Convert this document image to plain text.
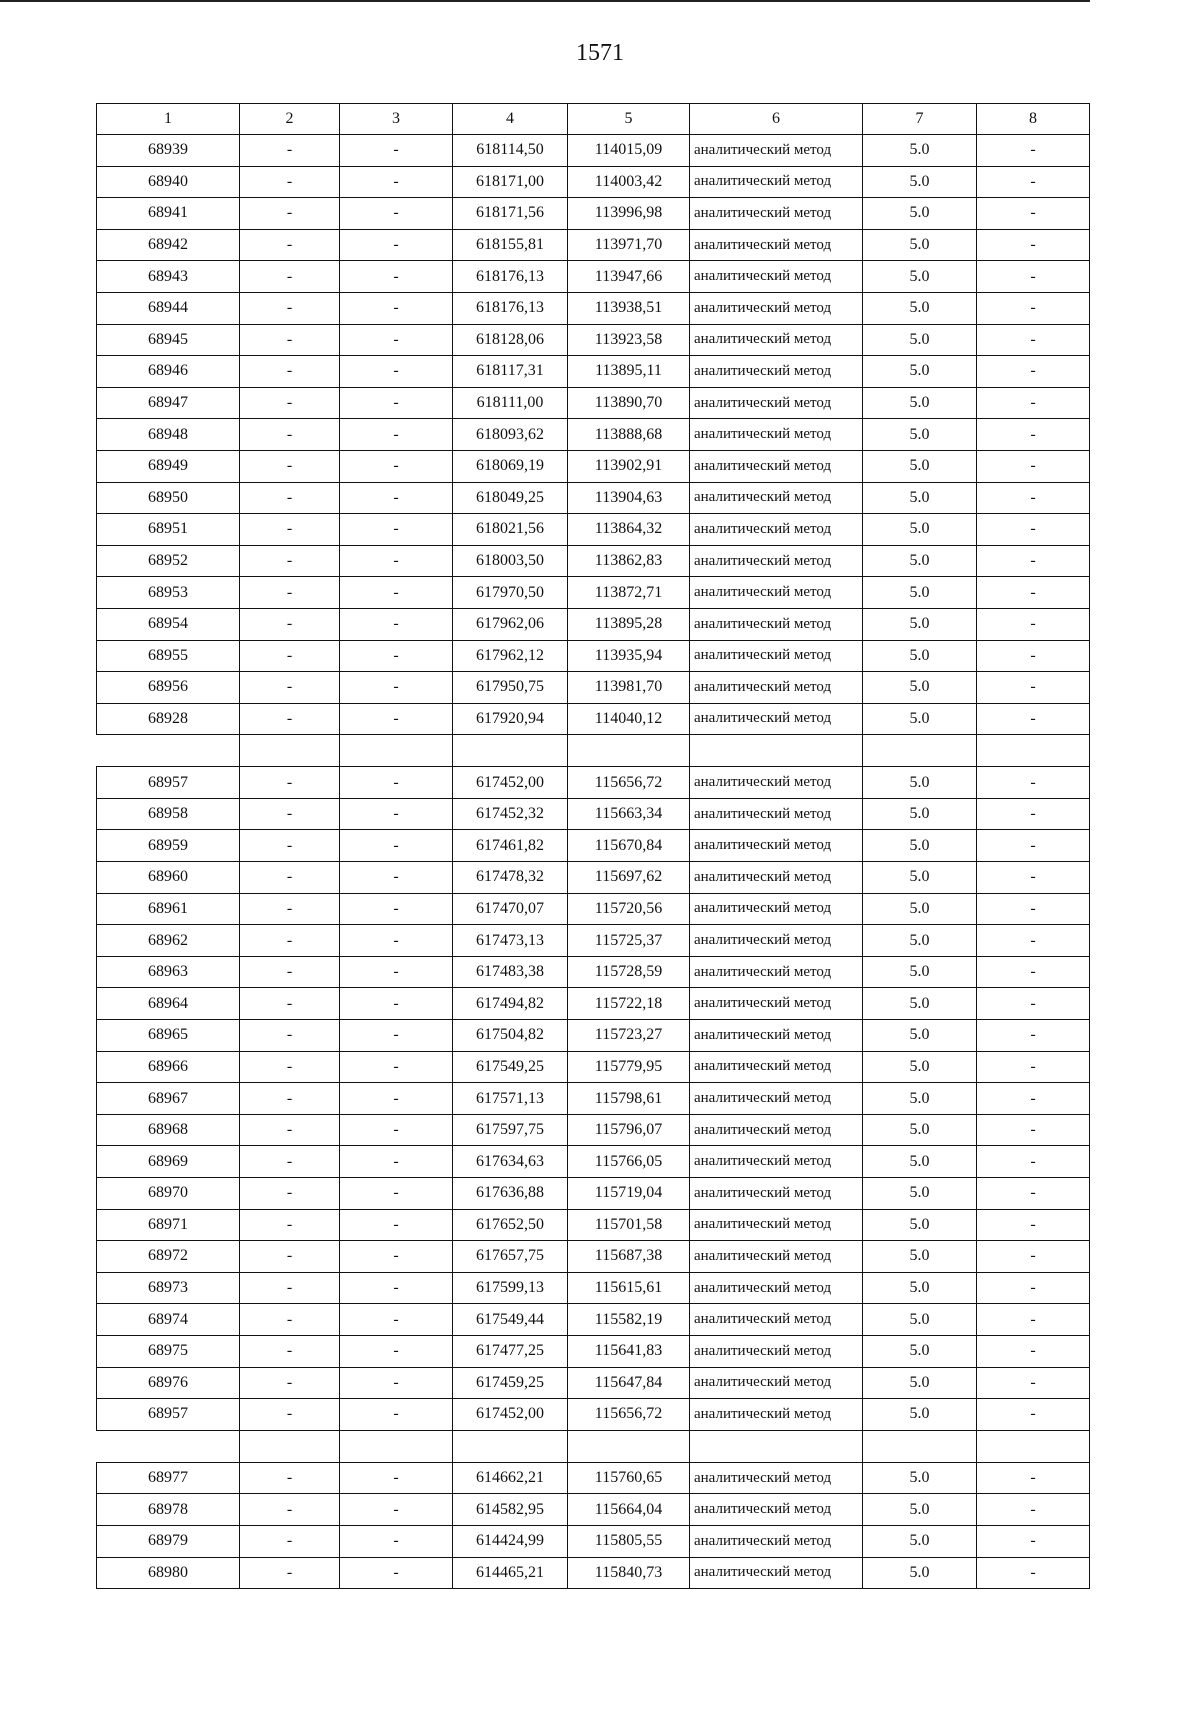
1571
1	2	3	4	5	6	7	8
68939	-	-	618114,50	114015,09	аналитический метод	5.0	-
68940	-	-	618171,00	114003,42	аналитический метод	5.0	-
68941	-	-	618171,56	113996,98	аналитический метод	5.0	-
68942	-	-	618155,81	113971,70	аналитический метод	5.0	-
68943	-	-	618176,13	113947,66	аналитический метод	5.0	-
68944	-	-	618176,13	113938,51	аналитический метод	5.0	-
68945	-	-	618128,06	113923,58	аналитический метод	5.0	-
68946	-	-	618117,31	113895,11	аналитический метод	5.0	-
68947	-	-	618111,00	113890,70	аналитический метод	5.0	-
68948	-	-	618093,62	113888,68	аналитический метод	5.0	-
68949	-	-	618069,19	113902,91	аналитический метод	5.0	-
68950	-	-	618049,25	113904,63	аналитический метод	5.0	-
68951	-	-	618021,56	113864,32	аналитический метод	5.0	-
68952	-	-	618003,50	113862,83	аналитический метод	5.0	-
68953	-	-	617970,50	113872,71	аналитический метод	5.0	-
68954	-	-	617962,06	113895,28	аналитический метод	5.0	-
68955	-	-	617962,12	113935,94	аналитический метод	5.0	-
68956	-	-	617950,75	113981,70	аналитический метод	5.0	-
68928	-	-	617920,94	114040,12	аналитический метод	5.0	-

68957	-	-	617452,00	115656,72	аналитический метод	5.0	-
68958	-	-	617452,32	115663,34	аналитический метод	5.0	-
68959	-	-	617461,82	115670,84	аналитический метод	5.0	-
68960	-	-	617478,32	115697,62	аналитический метод	5.0	-
68961	-	-	617470,07	115720,56	аналитический метод	5.0	-
68962	-	-	617473,13	115725,37	аналитический метод	5.0	-
68963	-	-	617483,38	115728,59	аналитический метод	5.0	-
68964	-	-	617494,82	115722,18	аналитический метод	5.0	-
68965	-	-	617504,82	115723,27	аналитический метод	5.0	-
68966	-	-	617549,25	115779,95	аналитический метод	5.0	-
68967	-	-	617571,13	115798,61	аналитический метод	5.0	-
68968	-	-	617597,75	115796,07	аналитический метод	5.0	-
68969	-	-	617634,63	115766,05	аналитический метод	5.0	-
68970	-	-	617636,88	115719,04	аналитический метод	5.0	-
68971	-	-	617652,50	115701,58	аналитический метод	5.0	-
68972	-	-	617657,75	115687,38	аналитический метод	5.0	-
68973	-	-	617599,13	115615,61	аналитический метод	5.0	-
68974	-	-	617549,44	115582,19	аналитический метод	5.0	-
68975	-	-	617477,25	115641,83	аналитический метод	5.0	-
68976	-	-	617459,25	115647,84	аналитический метод	5.0	-
68957	-	-	617452,00	115656,72	аналитический метод	5.0	-

68977	-	-	614662,21	115760,65	аналитический метод	5.0	-
68978	-	-	614582,95	115664,04	аналитический метод	5.0	-
68979	-	-	614424,99	115805,55	аналитический метод	5.0	-
68980	-	-	614465,21	115840,73	аналитический метод	5.0	-
